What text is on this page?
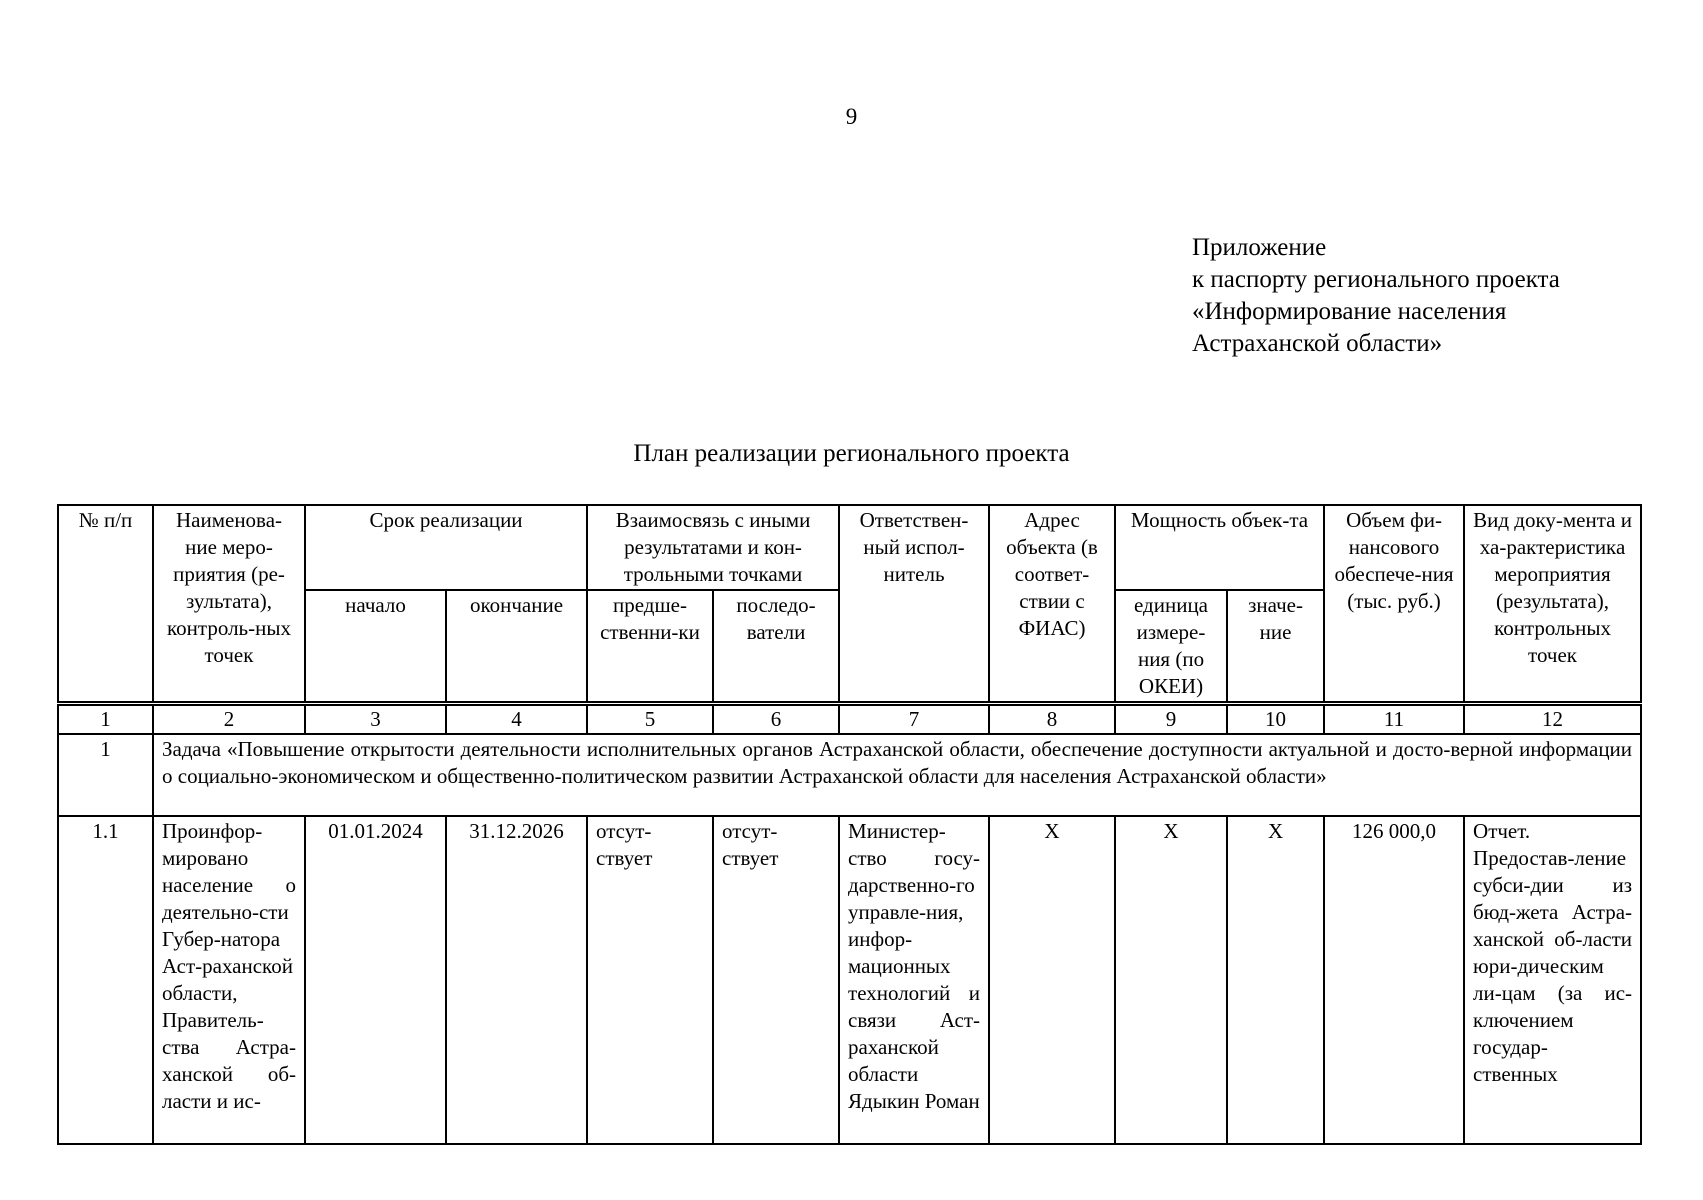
9
Приложение
к паспорту регионального проекта
«Информирование населения
Астраханской области»
План реализации регионального проекта
№ п/п	Наименова-ние меро-приятия (ре-зультата), контроль-ных точек	Срок реализации		Взаимосвязь с иными результатами и кон-трольными точками		Ответствен-ный испол-нитель	Адрес объекта (в соответ-ствии с ФИАС)	Мощность объек-та		Объем фи-нансового обеспече-ния (тыс. руб.)	Вид доку-мента и ха-рактеристика мероприятия (результата), контрольных точек
		начало	окончание	предше-ственни-ки	последо-ватели			единица измере-ния (по ОКЕИ)	значе-ние		
1	2	3	4	5	6	7	8	9	10	11	12
1	Задача «Повышение открытости деятельности исполнительных органов Астраханской области, обеспечение доступности актуальной и досто-верной информации о социально-экономическом и общественно-политическом развитии Астраханской области для населения Астраханской области»										
1.1	Проинфор-мировано население о деятельно-сти Губер-натора Аст-раханской области, Правитель-ства Астра-ханской об-ласти и ис-	01.01.2024	31.12.2026	отсут-ствует	отсут-ствует	Министер-ство госу-дарственно-го управле-ния, инфор-мационных технологий и связи Аст-раханской области Ядыкин Роман	X	X	X	126 000,0	Отчет. Предостав-ление субси-дии из бюд-жета Астра-ханской об-ласти юри-дическим ли-цам (за ис-ключением государ-ственных
